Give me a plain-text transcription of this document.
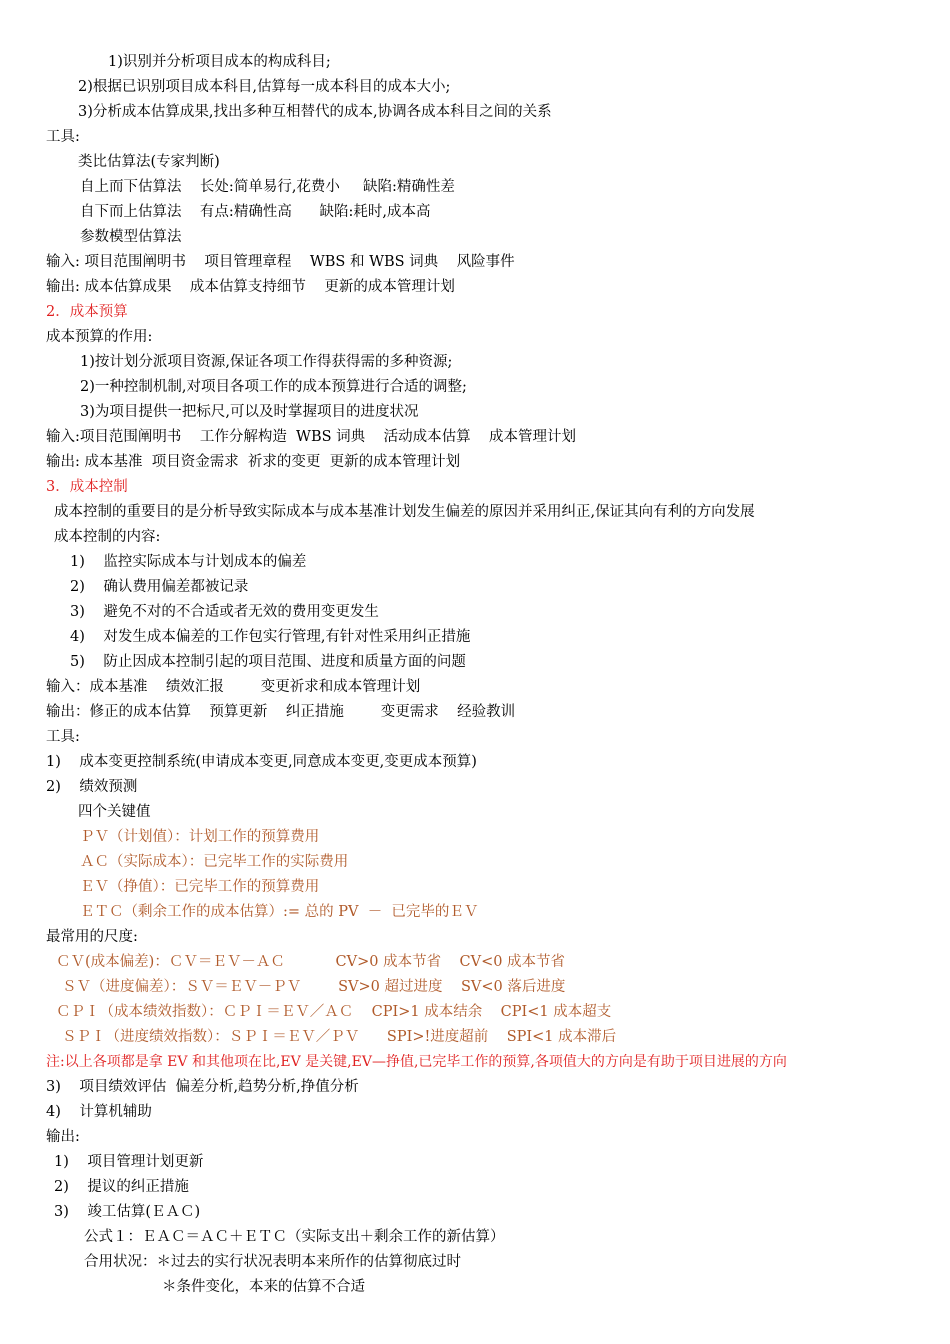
1)识别并分析项目成本的构成科目;
2)根据已识别项目成本科目,估算每一成本科目的成本大小;
3)分析成本估算成果,找出多种互相替代的成本,协调各成本科目之间的关系
工具:
类比估算法(专家判断)
自上而下估算法    长处:简单易行,花费小     缺陷:精确性差
自下而上估算法    有点:精确性高      缺陷:耗时,成本高
参数模型估算法
输入: 项目范围阐明书    项目管理章程    WBS 和 WBS 词典    风险事件
输出: 成本估算成果    成本估算支持细节    更新的成本管理计划
2．成本预算
成本预算的作用:
1)按计划分派项目资源,保证各项工作得获得需的多种资源;
2)一种控制机制,对项目各项工作的成本预算进行合适的调整;
3)为项目提供一把标尺,可以及时掌握项目的进度状况
输入:项目范围阐明书    工作分解构造  WBS 词典    活动成本估算    成本管理计划
输出: 成本基准  项目资金需求  祈求的变更  更新的成本管理计划
3．成本控制
成本控制的重要目的是分析导致实际成本与成本基准计划发生偏差的原因并采用纠正,保证其向有利的方向发展
成本控制的内容:
1)    监控实际成本与计划成本的偏差
2)    确认费用偏差都被记录
3)    避免不对的不合适或者无效的费用变更发生
4)    对发生成本偏差的工作包实行管理,有针对性采用纠正措施
5)    防止因成本控制引起的项目范围、进度和质量方面的问题
输入：成本基准    绩效汇报        变更祈求和成本管理计划
输出：修正的成本估算    预算更新    纠正措施        变更需求    经验教训
工具:
1)    成本变更控制系统(申请成本变更,同意成本变更,变更成本预算)
2)    绩效预测
四个关键值
ＰＶ（计划值）：计划工作的预算费用
ＡＣ（实际成本）：已完毕工作的实际费用
ＥＶ（挣值）：已完毕工作的预算费用
ＥＴＣ（剩余工作的成本估算）:= 总的 PV  －  已完毕的ＥＶ
最常用的尺度:
ＣＶ(成本偏差)：ＣＶ＝ＥＶ－ＡＣ           CV>0 成本节省    CV<0 成本节省
ＳＶ（进度偏差）：ＳＶ＝ＥＶ－ＰＶ        SV>0 超过进度    SV<0 落后进度
ＣＰＩ（成本绩效指数）：ＣＰＩ＝ＥＶ／ＡＣ    CPI>1 成本结余    CPI<1 成本超支
ＳＰＩ（进度绩效指数）：ＳＰＩ＝ＥＶ／ＰＶ      SPI>!进度超前    SPI<1 成本滞后
注:以上各项都是拿 EV 和其他项在比,EV 是关键,EV—挣值,已完毕工作的预算,各项值大的方向是有助于项目进展的方向
3)    项目绩效评估  偏差分析,趋势分析,挣值分析
4)    计算机辅助
输出:
1)    项目管理计划更新
2)    提议的纠正措施
3)    竣工估算(ＥＡＣ)
公式１：ＥＡＣ＝ＡＣ＋ＥＴＣ（实际支出＋剩余工作的新估算）
合用状况：＊过去的实行状况表明本来所作的估算彻底过时
＊条件变化，本来的估算不合适
